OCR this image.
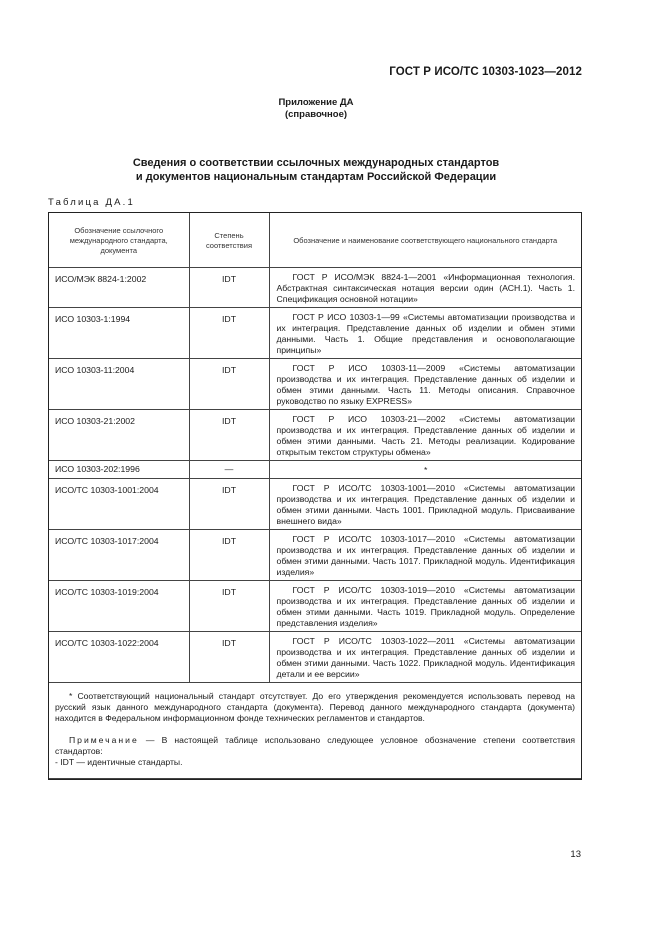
ГОСТ Р ИСО/ТС 10303-1023—2012
Приложение ДА
(справочное)
Сведения о соответствии ссылочных международных стандартов
и документов национальным стандартам Российской Федерации
Таблица ДА.1
Обозначение ссылочного международного стандарта, документа	Степень соответствия	Обозначение и наименование соответствующего национального стандарта
ИСО/МЭК 8824-1:2002	IDT	ГОСТ Р ИСО/МЭК 8824-1—2001 «Информационная технология. Абстрактная синтаксическая нотация версии один (АСН.1). Часть 1. Спецификация основной нотации»
ИСО 10303-1:1994	IDT	ГОСТ Р ИСО 10303-1—99 «Системы автоматизации производства и их интеграция. Представление данных об изделии и обмен этими данными. Часть 1. Общие представления и основополагающие принципы»
ИСО 10303-11:2004	IDT	ГОСТ Р ИСО 10303-11—2009 «Системы автоматизации производства и их интеграция. Представление данных об изделии и обмен этими данными. Часть 11. Методы описания. Справочное руководство по языку EXPRESS»
ИСО 10303-21:2002	IDT	ГОСТ Р ИСО 10303-21—2002 «Системы автоматизации производства и их интеграция. Представление данных об изделии и обмен этими данными. Часть 21. Методы реализации. Кодирование открытым текстом структуры обмена»
ИСО 10303-202:1996	—	*
ИСО/ТС 10303-1001:2004	IDT	ГОСТ Р ИСО/ТС 10303-1001—2010 «Системы автоматизации производства и их интеграция. Представление данных об изделии и обмен этими данными. Часть 1001. Прикладной модуль. Присваивание внешнего вида»
ИСО/ТС 10303-1017:2004	IDT	ГОСТ Р ИСО/ТС 10303-1017—2010 «Системы автоматизации производства и их интеграция. Представление данных об изделии и обмен этими данными. Часть 1017. Прикладной модуль. Идентификация изделия»
ИСО/ТС 10303-1019:2004	IDT	ГОСТ Р ИСО/ТС 10303-1019—2010 «Системы автоматизации производства и их интеграция. Представление данных об изделии и обмен этими данными. Часть 1019. Прикладной модуль. Определение представления изделия»
ИСО/ТС 10303-1022:2004	IDT	ГОСТ Р ИСО/ТС 10303-1022—2011 «Системы автоматизации производства и их интеграция. Представление данных об изделии и обмен этими данными. Часть 1022. Прикладной модуль. Идентификация детали и ее версии»

* Соответствующий национальный стандарт отсутствует. До его утверждения рекомендуется использовать перевод на русский язык данного международного стандарта (документа). Перевод данного международного стандарта (документа) находится в Федеральном информационном фонде технических регламентов и стандартов.

Примечание — В настоящей таблице использовано следующее условное обозначение степени соответствия стандартов:

- IDT — идентичные стандарты.		

13
